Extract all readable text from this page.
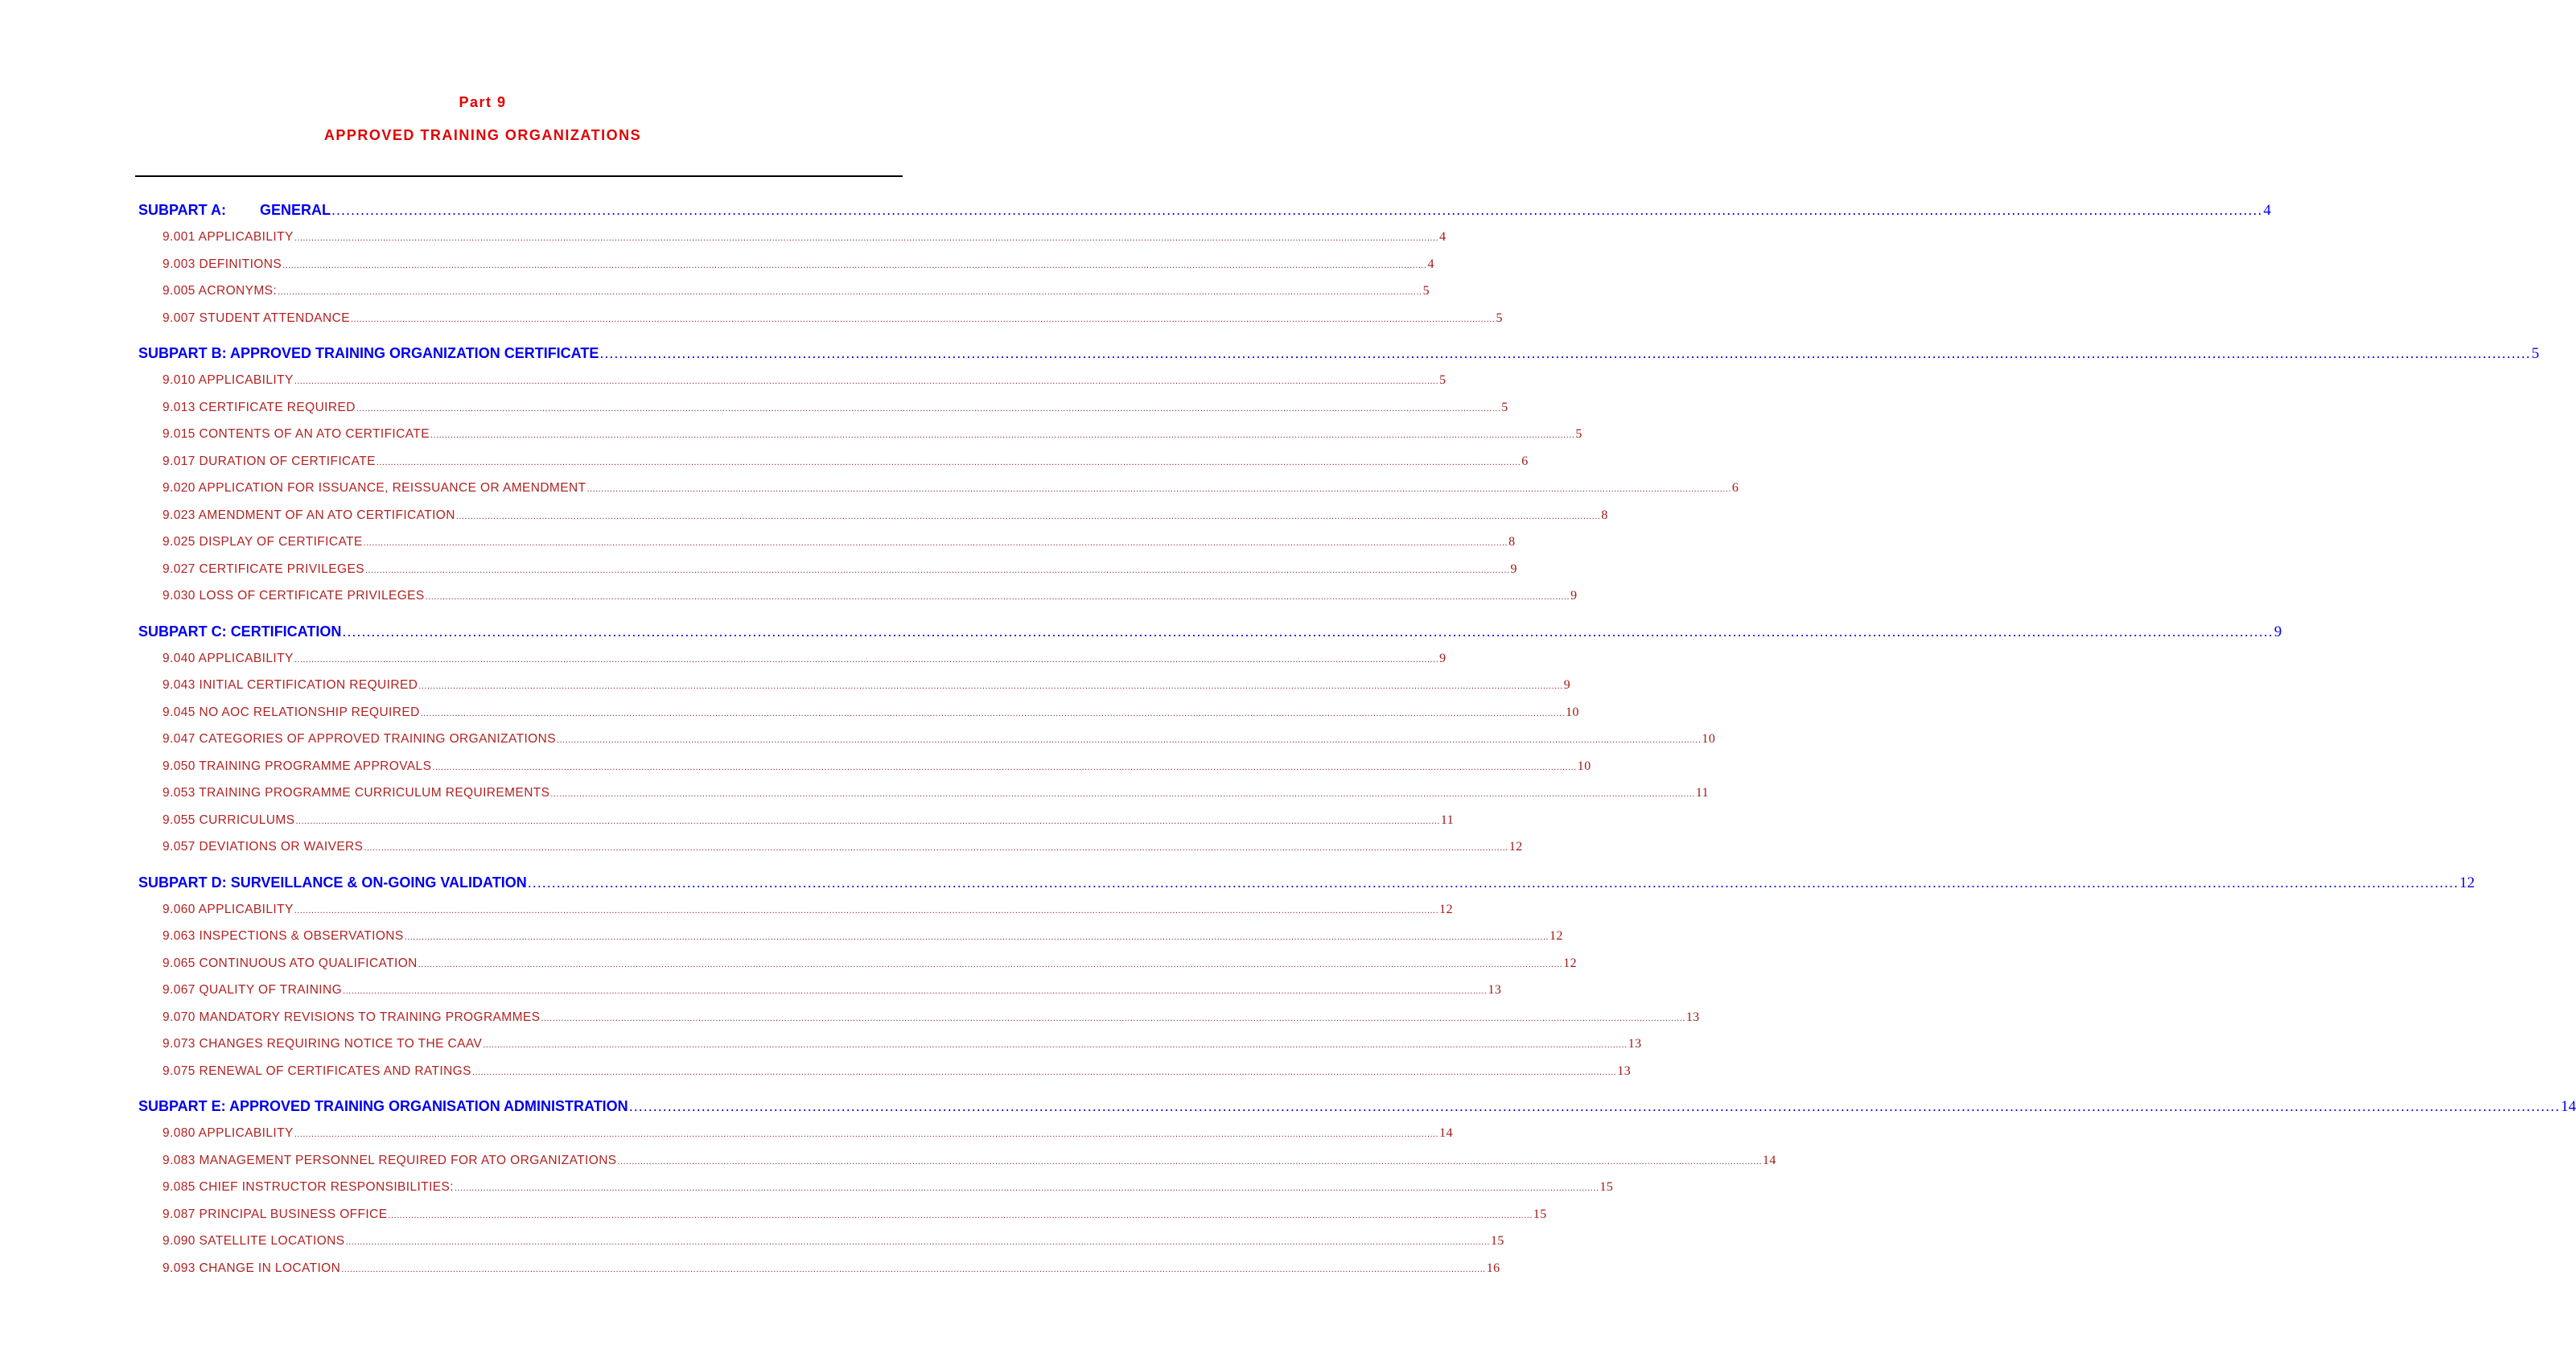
Part 9
APPROVED TRAINING ORGANIZATIONS
SUBPART A: GENERAL ................................................................................................................................................................................................................................................................................................................................................................................................................ 4
9.001 APPLICABILITY ................................................................................................................................................................................................................................................................................................................................................................................................................ 4
9.003 DEFINITIONS ................................................................................................................................................................................................................................................................................................................................................................................................................ 4
9.005 ACRONYMS: ................................................................................................................................................................................................................................................................................................................................................................................................................ 5
9.007 STUDENT ATTENDANCE ................................................................................................................................................................................................................................................................................................................................................................................................................ 5
SUBPART B: APPROVED TRAINING ORGANIZATION CERTIFICATE ................................................................................................................................................................................................................................................................................................................................................................................................................ 5
9.010 APPLICABILITY ................................................................................................................................................................................................................................................................................................................................................................................................................ 5
9.013 CERTIFICATE REQUIRED ................................................................................................................................................................................................................................................................................................................................................................................................................ 5
9.015 CONTENTS OF AN ATO CERTIFICATE ................................................................................................................................................................................................................................................................................................................................................................................................................ 5
9.017 DURATION OF CERTIFICATE ................................................................................................................................................................................................................................................................................................................................................................................................................ 6
9.020 APPLICATION FOR ISSUANCE, REISSUANCE OR AMENDMENT ................................................................................................................................................................................................................................................................................................................................................................................................................ 6
9.023 AMENDMENT OF AN ATO CERTIFICATION ................................................................................................................................................................................................................................................................................................................................................................................................................ 8
9.025 DISPLAY OF CERTIFICATE ................................................................................................................................................................................................................................................................................................................................................................................................................ 8
9.027 CERTIFICATE PRIVILEGES ................................................................................................................................................................................................................................................................................................................................................................................................................ 9
9.030 LOSS OF CERTIFICATE PRIVILEGES ................................................................................................................................................................................................................................................................................................................................................................................................................ 9
SUBPART C: CERTIFICATION ................................................................................................................................................................................................................................................................................................................................................................................................................ 9
9.040 APPLICABILITY ................................................................................................................................................................................................................................................................................................................................................................................................................ 9
9.043 INITIAL CERTIFICATION REQUIRED ................................................................................................................................................................................................................................................................................................................................................................................................................ 9
9.045 NO AOC RELATIONSHIP REQUIRED ................................................................................................................................................................................................................................................................................................................................................................................................................ 10
9.047 CATEGORIES OF APPROVED TRAINING ORGANIZATIONS ................................................................................................................................................................................................................................................................................................................................................................................................................ 10
9.050 TRAINING PROGRAMME APPROVALS ................................................................................................................................................................................................................................................................................................................................................................................................................ 10
9.053 TRAINING PROGRAMME CURRICULUM REQUIREMENTS ................................................................................................................................................................................................................................................................................................................................................................................................................ 11
9.055 CURRICULUMS ................................................................................................................................................................................................................................................................................................................................................................................................................ 11
9.057 DEVIATIONS OR WAIVERS ................................................................................................................................................................................................................................................................................................................................................................................................................ 12
SUBPART D: SURVEILLANCE & ON-GOING VALIDATION ................................................................................................................................................................................................................................................................................................................................................................................................................ 12
9.060 APPLICABILITY ................................................................................................................................................................................................................................................................................................................................................................................................................ 12
9.063 INSPECTIONS & OBSERVATIONS ................................................................................................................................................................................................................................................................................................................................................................................................................ 12
9.065 CONTINUOUS ATO QUALIFICATION ................................................................................................................................................................................................................................................................................................................................................................................................................ 12
9.067 QUALITY OF TRAINING ................................................................................................................................................................................................................................................................................................................................................................................................................ 13
9.070 MANDATORY REVISIONS TO TRAINING PROGRAMMES ................................................................................................................................................................................................................................................................................................................................................................................................................ 13
9.073 CHANGES REQUIRING NOTICE TO THE CAAV ................................................................................................................................................................................................................................................................................................................................................................................................................ 13
9.075 RENEWAL OF CERTIFICATES AND RATINGS ................................................................................................................................................................................................................................................................................................................................................................................................................ 13
SUBPART E: APPROVED TRAINING ORGANISATION ADMINISTRATION ................................................................................................................................................................................................................................................................................................................................................................................................................ 14
9.080 APPLICABILITY ................................................................................................................................................................................................................................................................................................................................................................................................................ 14
9.083 MANAGEMENT PERSONNEL REQUIRED FOR ATO ORGANIZATIONS ................................................................................................................................................................................................................................................................................................................................................................................................................ 14
9.085 CHIEF INSTRUCTOR RESPONSIBILITIES: ................................................................................................................................................................................................................................................................................................................................................................................................................ 15
9.087 PRINCIPAL BUSINESS OFFICE ................................................................................................................................................................................................................................................................................................................................................................................................................ 15
9.090 SATELLITE LOCATIONS ................................................................................................................................................................................................................................................................................................................................................................................................................ 15
9.093 CHANGE IN LOCATION ................................................................................................................................................................................................................................................................................................................................................................................................................ 16
